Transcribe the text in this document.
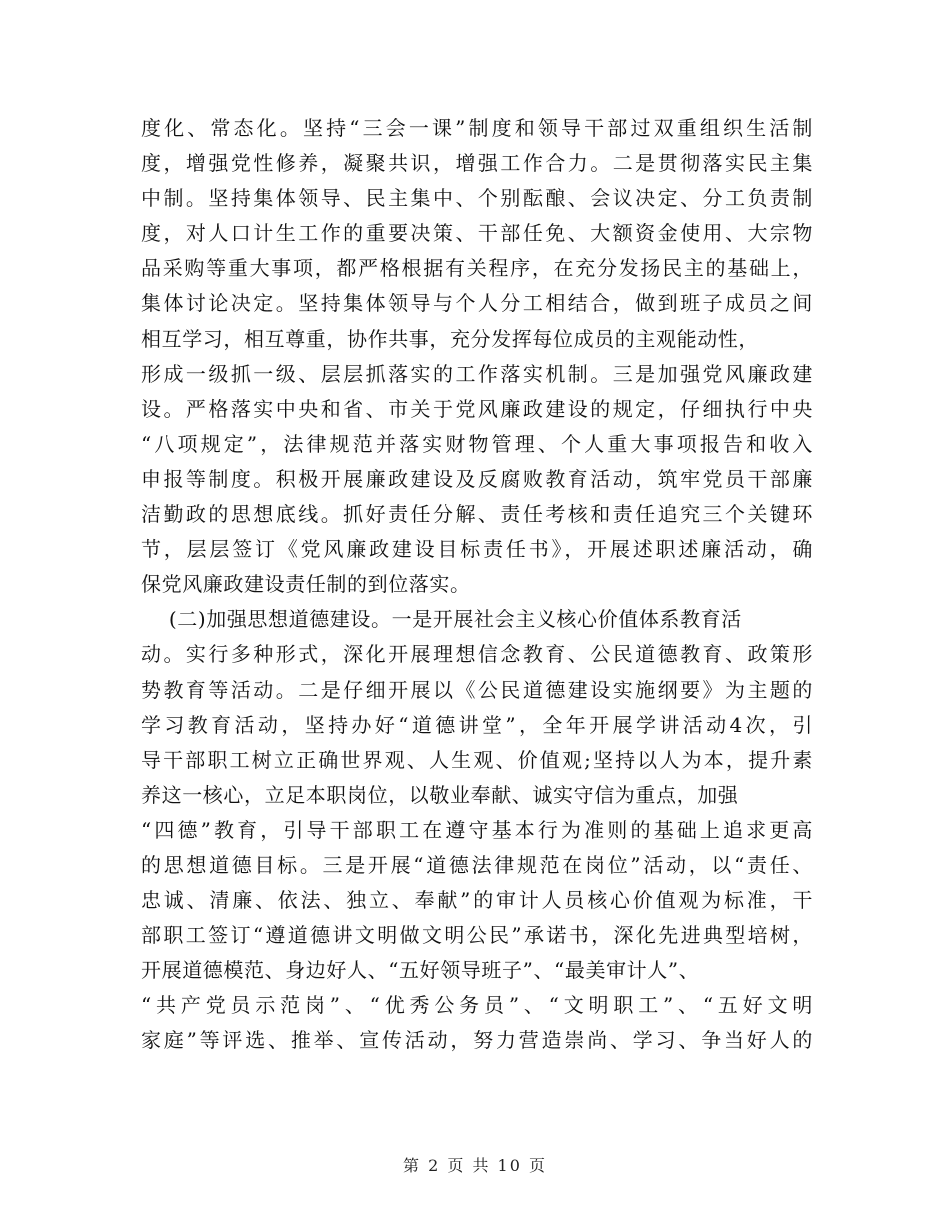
度化、常态化。坚持“三会一课”制度和领导干部过双重组织生活制
度，增强党性修养，凝聚共识，增强工作合力。二是贯彻落实民主集
中制。坚持集体领导、民主集中、个别酝酿、会议决定、分工负责制
度，对人口计生工作的重要决策、干部任免、大额资金使用、大宗物
品采购等重大事项，都严格根据有关程序，在充分发扬民主的基础上，
集体讨论决定。坚持集体领导与个人分工相结合，做到班子成员之间
相互学习，相互尊重，协作共事，充分发挥每位成员的主观能动性，
形成一级抓一级、层层抓落实的工作落实机制。三是加强党风廉政建
设。严格落实中央和省、市关于党风廉政建设的规定，仔细执行中央
“八项规定”，法律规范并落实财物管理、个人重大事项报告和收入
申报等制度。积极开展廉政建设及反腐败教育活动，筑牢党员干部廉
洁勤政的思想底线。抓好责任分解、责任考核和责任追究三个关键环
节，层层签订《党风廉政建设目标责任书》，开展述职述廉活动，确
保党风廉政建设责任制的到位落实。
(二)加强思想道德建设。一是开展社会主义核心价值体系教育活
动。实行多种形式，深化开展理想信念教育、公民道德教育、政策形
势教育等活动。二是仔细开展以《公民道德建设实施纲要》为主题的
学习教育活动，坚持办好“道德讲堂”，全年开展学讲活动4次，引
导干部职工树立正确世界观、人生观、价值观;坚持以人为本，提升素
养这一核心，立足本职岗位，以敬业奉献、诚实守信为重点，加强
“四德”教育，引导干部职工在遵守基本行为准则的基础上追求更高
的思想道德目标。三是开展“道德法律规范在岗位”活动，以“责任、
忠诚、清廉、依法、独立、奉献”的审计人员核心价值观为标准，干
部职工签订“遵道德讲文明做文明公民”承诺书，深化先进典型培树，
开展道德模范、身边好人、“五好领导班子”、“最美审计人”、
“共产党员示范岗”、“优秀公务员”、“文明职工”、“五好文明
家庭”等评选、推举、宣传活动，努力营造崇尚、学习、争当好人的
第 2 页 共 10 页
